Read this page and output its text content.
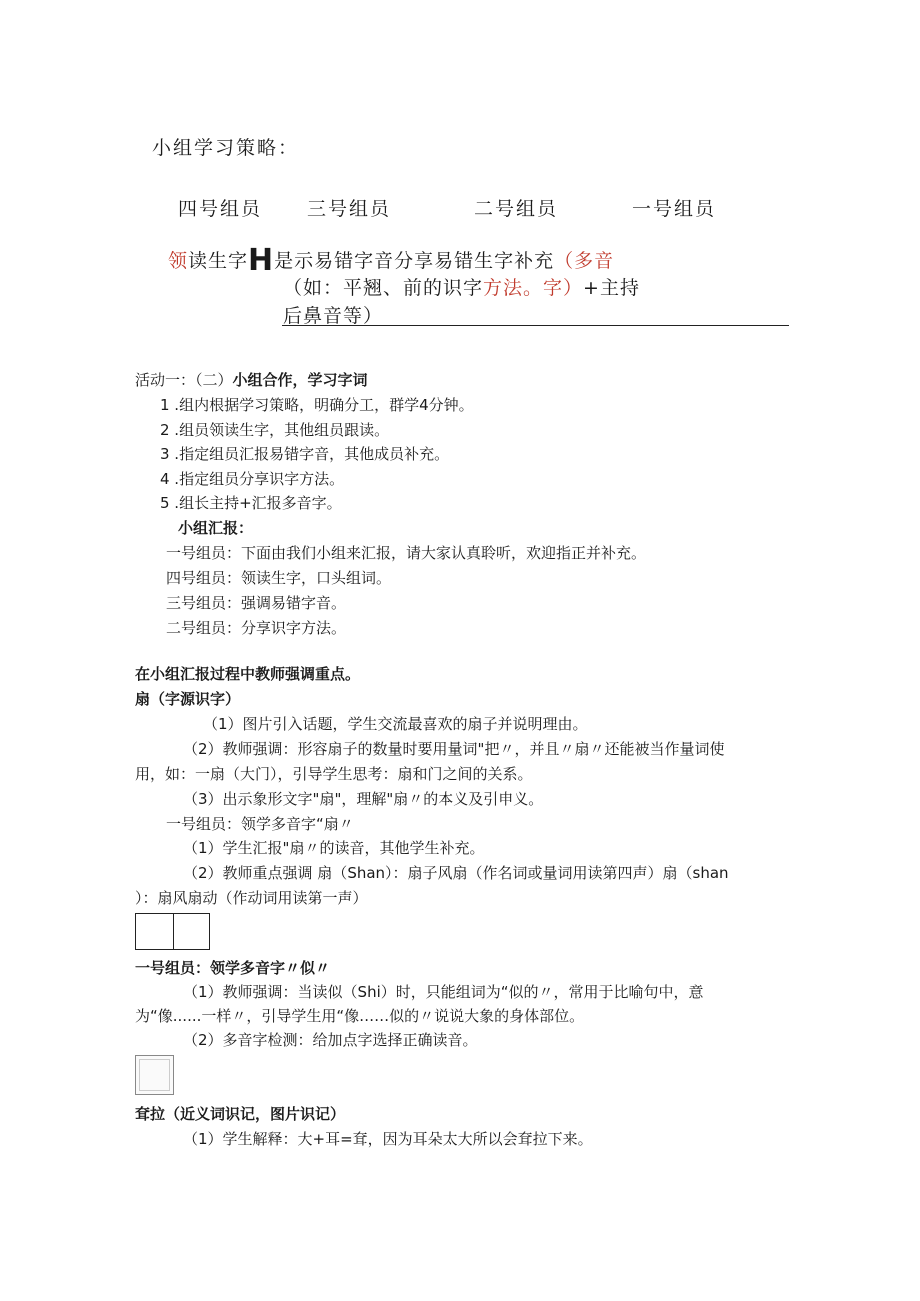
小组学习策略：
四号组员 三号组员	二号组员	一号组员
领读生字H是示易错字音分享易错生字补充（多音
（如：平翘、前的识字方法。字）+主持
后鼻音等）
活动一：（二）小组合作，学习字词
1 .组内根据学习策略，明确分工，群学4分钟。
2 .组员领读生字，其他组员跟读。
3 .指定组员汇报易错字音，其他成员补充。
4 .指定组员分享识字方法。
5 .组长主持+汇报多音字。
小组汇报：
一号组员：下面由我们小组来汇报，请大家认真聆听，欢迎指正并补充。
四号组员：领读生字，口头组词。
三号组员：强调易错字音。
二号组员：分享识字方法。
在小组汇报过程中教师强调重点。
扇（字源识字）
（1）图片引入话题，学生交流最喜欢的扇子并说明理由。
（2）教师强调：形容扇子的数量时要用量词"把〃，并且〃扇〃还能被当作量词使
用，如：一扇（大门），引导学生思考：扇和门之间的关系。
（3）出示象形文字"扇"，理解"扇〃的本义及引申义。
一号组员：领学多音字“扇〃
（1）学生汇报"扇〃的读音，其他学生补充。
（2）教师重点强调 扇（Shan）：扇子风扇（作名词或量词用读第四声）扇（shan
）：扇风扇动（作动词用读第一声）
一号组员：领学多音字〃似〃
（1）教师强调：当读似（Shi）时，只能组词为“似的〃，常用于比喻句中，意
为“像......一样〃，引导学生用“像……似的〃说说大象的身体部位。
（2）多音字检测：给加点字选择正确读音。
耷拉（近义词识记，图片识记）
（1）学生解释：大+耳=耷，因为耳朵太大所以会耷拉下来。
